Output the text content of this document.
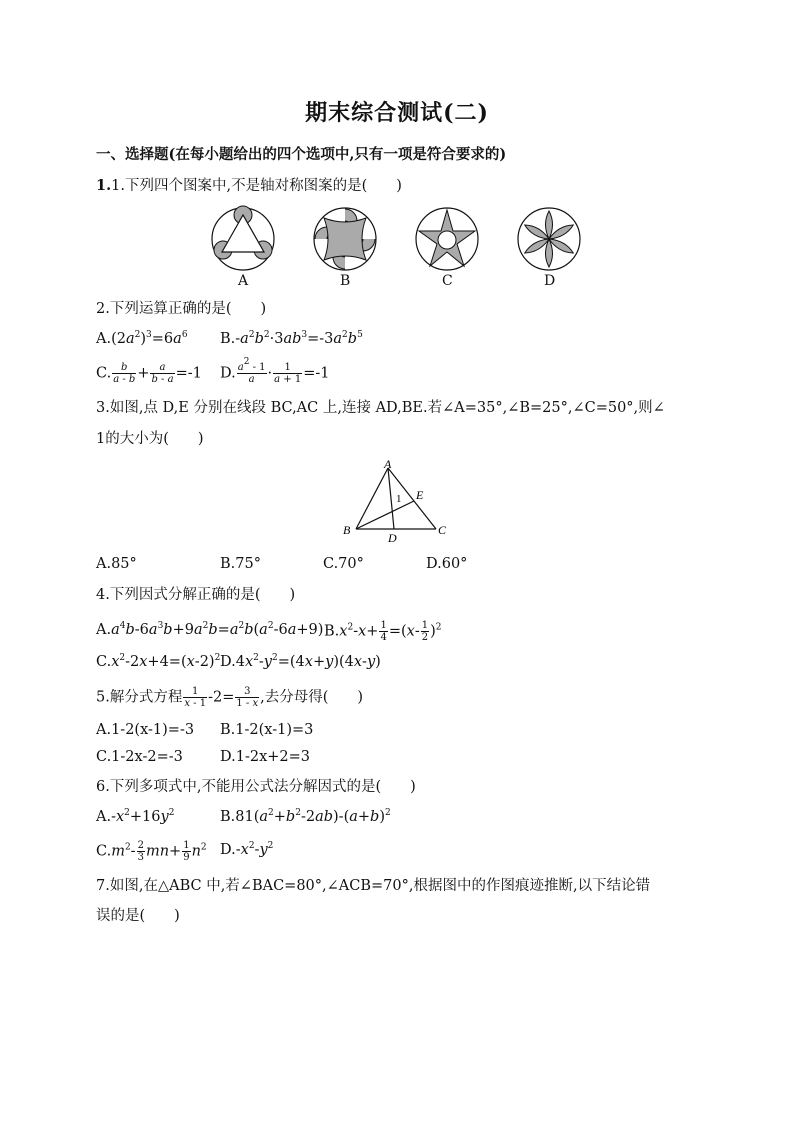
期末综合测试(二)
一、选择题(在每小题给出的四个选项中,只有一项是符合要求的)
1.1.下列四个图案中,不是轴对称图案的是(　　)
A	B	C	D
2.下列运算正确的是(　　)
$A.(2a^2)^3=6a^6$ $B.-a^2b^2\cdot 3ab^3=-3a^2b^5$
C. $\frac{b}{a - b} + \frac{a}{b - a} =-1$ D. $\frac{a^2 - 1}{a} \cdot \frac{1}{a + 1} =-1$
3.如图,点 D,E 分别在线段 BC,AC 上,连接 AD,BE.若∠A=35°,∠B=25°,∠C=50°,则∠
1的大小为(　　)
A
B	C
D
E
1
A.85°	B.75°	C.70°	D.60°
4.下列因式分解正确的是(　　)
$A.a^4b-6a^3b+9a^2b=a^2b(a^2-6a+9)$ $B.x^2-x+ \frac{1}{4} =(x- \frac{1}{2} )^2$
$C.x^2-2x+4=(x-2)^2$ $D.4x^2-y^2=(4x+y)(4x-y)$
5.解分式方程 $\frac{1}{x - 1} -2= \frac{3}{1 - x}$ ,去分母得(　　)
A.1-2(x-1)=-3 B.1-2(x-1)=3
C.1-2x-2=-3	D.1-2x+2=3
6.下列多项式中,不能用公式法分解因式的是(　　)
$A.-x^2+16y^2$	$B.81(a^2+b^2-2ab)-(a+b)^2$
$C.m^2- \frac{2}{3} mn+ \frac{1}{9} n^2$ $D.-x^2-y^2$
7.如图,在△ABC 中,若∠BAC=80°,∠ACB=70°,根据图中的作图痕迹推断,以下结论错
误的是(　　)
